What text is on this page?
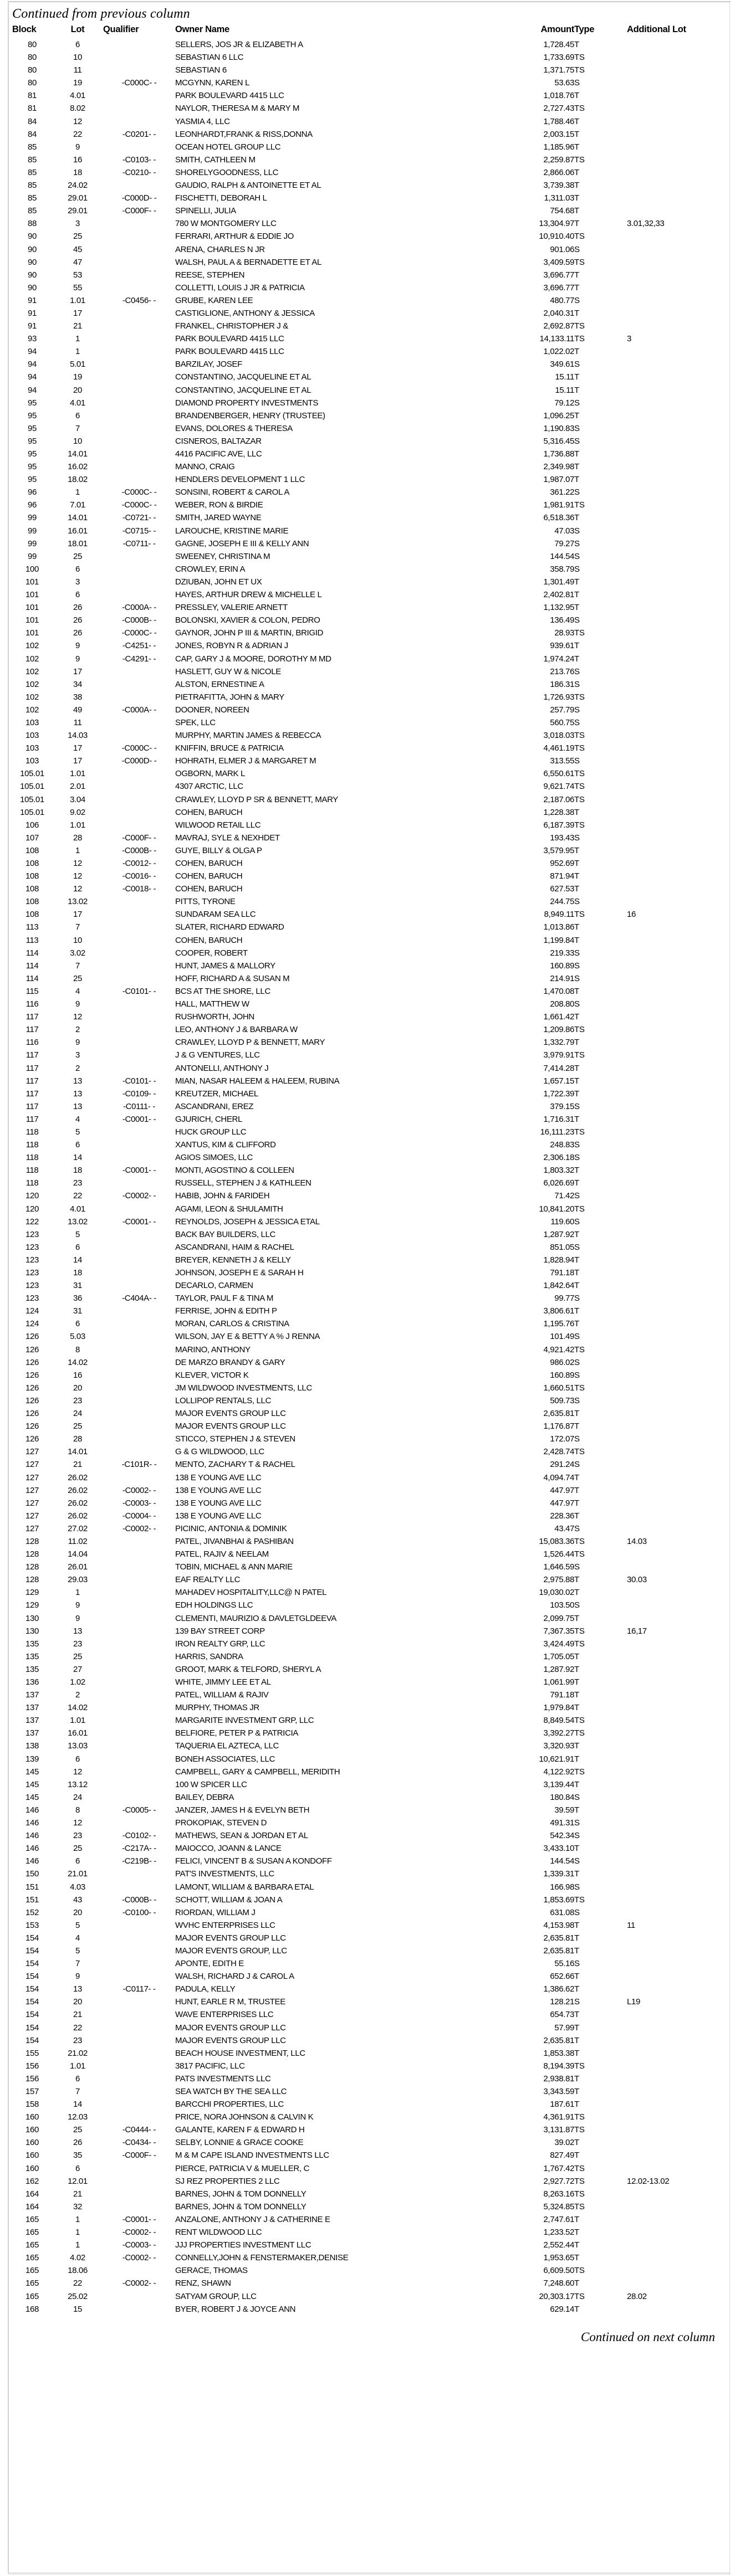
Continued from previous column
Block	Lot	Qualifier	Owner Name	Amount	Type	Additional Lot
80	6		SELLERS, JOS JR & ELIZABETH A	1,728.45	T	
80	10		SEBASTIAN 6 LLC	1,733.69	TS	
80	11		SEBASTIAN 6	1,371.75	TS	
80	19	-C000C- -	MCGYNN, KAREN L	53.63	S	
81	4.01		PARK BOULEVARD 4415 LLC	1,018.76	T	
81	8.02		NAYLOR, THERESA M & MARY M	2,727.43	TS	
84	12		YASMIA 4, LLC	1,788.46	T	
84	22	-C0201- -	LEONHARDT,FRANK & RISS,DONNA	2,003.15	T	
85	9		OCEAN HOTEL GROUP LLC	1,185.96	T	
85	16	-C0103- -	SMITH, CATHLEEN M	2,259.87	TS	
85	18	-C0210- -	SHORELYGOODNESS, LLC	2,866.06	T	
85	24.02		GAUDIO, RALPH & ANTOINETTE ET AL	3,739.38	T	
85	29.01	-C000D- -	FISCHETTI, DEBORAH L	1,311.03	T	
85	29.01	-C000F- -	SPINELLI, JULIA	754.68	T	
88	3		780 W MONTGOMERY LLC	13,304.97	T	3.01,32,33
90	25		FERRARI, ARTHUR & EDDIE JO	10,910.40	TS	
90	45		ARENA, CHARLES N JR	901.06	S	
90	47		WALSH, PAUL A & BERNADETTE ET AL	3,409.59	TS	
90	53		REESE, STEPHEN	3,696.77	T	
90	55		COLLETTI, LOUIS J JR & PATRICIA	3,696.77	T	
91	1.01	-C0456- -	GRUBE, KAREN LEE	480.77	S	
91	17		CASTIGLIONE, ANTHONY & JESSICA	2,040.31	T	
91	21		FRANKEL, CHRISTOPHER J &	2,692.87	TS	
93	1		PARK BOULEVARD 4415 LLC	14,133.11	TS	3
94	1		PARK BOULEVARD 4415 LLC	1,022.02	T	
94	5.01		BARZILAY, JOSEF	349.61	S	
94	19		CONSTANTINO, JACQUELINE ET AL	15.11	T	
94	20		CONSTANTINO, JACQUELINE ET AL	15.11	T	
95	4.01		DIAMOND PROPERTY INVESTMENTS	79.12	S	
95	6		BRANDENBERGER, HENRY (TRUSTEE)	1,096.25	T	
95	7		EVANS, DOLORES & THERESA	1,190.83	S	
95	10		CISNEROS, BALTAZAR	5,316.45	S	
95	14.01		4416 PACIFIC AVE, LLC	1,736.88	T	
95	16.02		MANNO, CRAIG	2,349.98	T	
95	18.02		HENDLERS DEVELOPMENT 1 LLC	1,987.07	T	
96	1	-C000C- -	SONSINI, ROBERT & CAROL A	361.22	S	
96	7.01	-C000C- -	WEBER, RON & BIRDIE	1,981.91	TS	
99	14.01	-C0721- -	SMITH, JARED WAYNE	6,518.36	T	
99	16.01	-C0715- -	LAROUCHE, KRISTINE MARIE	47.03	S	
99	18.01	-C0711- -	GAGNE, JOSEPH E III & KELLY ANN	79.27	S	
99	25		SWEENEY, CHRISTINA M	144.54	S	
100	6		CROWLEY, ERIN A	358.79	S	
101	3		DZIUBAN, JOHN ET UX	1,301.49	T	
101	6		HAYES, ARTHUR DREW & MICHELLE L	2,402.81	T	
101	26	-C000A- -	PRESSLEY, VALERIE ARNETT	1,132.95	T	
101	26	-C000B- -	BOLONSKI, XAVIER & COLON, PEDRO	136.49	S	
101	26	-C000C- -	GAYNOR, JOHN P III & MARTIN, BRIGID	28.93	TS	
102	9	-C4251- -	JONES, ROBYN R & ADRIAN J	939.61	T	
102	9	-C4291- -	CAP, GARY J & MOORE, DOROTHY M MD	1,974.24	T	
102	17		HASLETT, GUY W & NICOLE	213.76	S	
102	34		ALSTON, ERNESTINE A	186.31	S	
102	38		PIETRAFITTA, JOHN & MARY	1,726.93	TS	
102	49	-C000A- -	DOONER, NOREEN	257.79	S	
103	11		SPEK, LLC	560.75	S	
103	14.03		MURPHY, MARTIN JAMES & REBECCA	3,018.03	TS	
103	17	-C000C- -	KNIFFIN, BRUCE & PATRICIA	4,461.19	TS	
103	17	-C000D- -	HOHRATH, ELMER J & MARGARET M	313.55	S	
105.01	1.01		OGBORN, MARK L	6,550.61	TS	
105.01	2.01		4307 ARCTIC, LLC	9,621.74	TS	
105.01	3.04		CRAWLEY, LLOYD P SR & BENNETT, MARY	2,187.06	TS	
105.01	9.02		COHEN, BARUCH	1,228.38	T	
106	1.01		WILWOOD RETAIL LLC	6,187.39	TS	
107	28	-C000F- -	MAVRAJ, SYLE & NEXHDET	193.43	S	
108	1	-C000B- -	GUYE, BILLY & OLGA P	3,579.95	T	
108	12	-C0012- -	COHEN, BARUCH	952.69	T	
108	12	-C0016- -	COHEN, BARUCH	871.94	T	
108	12	-C0018- -	COHEN, BARUCH	627.53	T	
108	13.02		PITTS, TYRONE	244.75	S	
108	17		SUNDARAM SEA LLC	8,949.11	TS	16
113	7		SLATER, RICHARD EDWARD	1,013.86	T	
113	10		COHEN, BARUCH	1,199.84	T	
114	3.02		COOPER, ROBERT	219.33	S	
114	7		HUNT, JAMES & MALLORY	160.89	S	
114	25		HOFF, RICHARD A & SUSAN M	214.91	S	
115	4	-C0101- -	BCS AT THE SHORE, LLC	1,470.08	T	
116	9		HALL, MATTHEW W	208.80	S	
117	12		RUSHWORTH, JOHN	1,661.42	T	
117	2		LEO, ANTHONY J & BARBARA W	1,209.86	TS	
116	9		CRAWLEY, LLOYD P & BENNETT, MARY	1,332.79	T	
117	3		J & G VENTURES, LLC	3,979.91	TS	
117	2		ANTONELLI, ANTHONY J	7,414.28	T	
117	13	-C0101- -	MIAN, NASAR HALEEM & HALEEM, RUBINA	1,657.15	T	
117	13	-C0109- -	KREUTZER, MICHAEL	1,722.39	T	
117	13	-C0111- -	ASCANDRANI, EREZ	379.15	S	
117	4	-C0001- -	GJURICH, CHERL	1,716.31	T	
118	5		HUCK GROUP LLC	16,111.23	TS	
118	6		XANTUS, KIM & CLIFFORD	248.83	S	
118	14		AGIOS SIMOES, LLC	2,306.18	S	
118	18	-C0001- -	MONTI, AGOSTINO & COLLEEN	1,803.32	T	
118	23		RUSSELL, STEPHEN J & KATHLEEN	6,026.69	T	
120	22	-C0002- -	HABIB, JOHN & FARIDEH	71.42	S	
120	4.01		AGAMI, LEON & SHULAMITH	10,841.20	TS	
122	13.02	-C0001- -	REYNOLDS, JOSEPH & JESSICA ETAL	119.60	S	
123	5		BACK BAY BUILDERS, LLC	1,287.92	T	
123	6		ASCANDRANI, HAIM & RACHEL	851.05	S	
123	14		BREYER, KENNETH J & KELLY	1,828.94	T	
123	18		JOHNSON, JOSEPH E & SARAH H	791.18	T	
123	31		DECARLO, CARMEN	1,842.64	T	
123	36	-C404A- -	TAYLOR, PAUL F & TINA M	99.77	S	
124	31		FERRISE, JOHN & EDITH P	3,806.61	T	
124	6		MORAN, CARLOS & CRISTINA	1,195.76	T	
126	5.03		WILSON, JAY E & BETTY A % J RENNA	101.49	S	
126	8		MARINO, ANTHONY	4,921.42	TS	
126	14.02		DE MARZO BRANDY & GARY	986.02	S	
126	16		KLEVER, VICTOR K	160.89	S	
126	20		JM WILDWOOD INVESTMENTS, LLC	1,660.51	TS	
126	23		LOLLIPOP RENTALS, LLC	509.73	S	
126	24		MAJOR EVENTS GROUP LLC	2,635.81	T	
126	25		MAJOR EVENTS GROUP LLC	1,176.87	T	
126	28		STICCO, STEPHEN J & STEVEN	172.07	S	
127	14.01		G & G WILDWOOD, LLC	2,428.74	TS	
127	21	-C101R- -	MENTO, ZACHARY T & RACHEL	291.24	S	
127	26.02		138 E YOUNG AVE LLC	4,094.74	T	
127	26.02	-C0002- -	138 E YOUNG AVE LLC	447.97	T	
127	26.02	-C0003- -	138 E YOUNG AVE LLC	447.97	T	
127	26.02	-C0004- -	138 E YOUNG AVE LLC	228.36	T	
127	27.02	-C0002- -	PICINIC, ANTONIA & DOMINIK	43.47	S	
128	11.02		PATEL, JIVANBHAI & PASHIBAN	15,083.36	TS	14.03
128	14.04		PATEL, RAJIV & NEELAM	1,526.44	TS	
128	26.01		TOBIN, MICHAEL & ANN MARIE	1,646.59	S	
128	29.03		EAF REALTY LLC	2,975.88	T	30.03
129	1		MAHADEV HOSPITALITY,LLC@ N PATEL	19,030.02	T	
129	9		EDH HOLDINGS LLC	103.50	S	
130	9		CLEMENTI, MAURIZIO & DAVLETGLDEEVA	2,099.75	T	
130	13		139 BAY STREET CORP	7,367.35	TS	16,17
135	23		IRON REALTY GRP, LLC	3,424.49	TS	
135	25		HARRIS, SANDRA	1,705.05	T	
135	27		GROOT, MARK & TELFORD, SHERYL A	1,287.92	T	
136	1.02		WHITE, JIMMY LEE ET AL	1,061.99	T	
137	2		PATEL, WILLIAM & RAJIV	791.18	T	
137	14.02		MURPHY, THOMAS JR	1,979.84	T	
137	1.01		MARGARITE INVESTMENT GRP, LLC	8,849.54	TS	
137	16.01		BELFIORE, PETER P & PATRICIA	3,392.27	TS	
138	13.03		TAQUERIA EL AZTECA, LLC	3,320.93	T	
139	6		BONEH ASSOCIATES, LLC	10,621.91	T	
145	12		CAMPBELL, GARY & CAMPBELL, MERIDITH	4,122.92	TS	
145	13.12		100 W SPICER LLC	3,139.44	T	
145	24		BAILEY, DEBRA	180.84	S	
146	8	-C0005- -	JANZER, JAMES H & EVELYN BETH	39.59	T	
146	12		PROKOPIAK, STEVEN D	491.31	S	
146	23	-C0102- -	MATHEWS, SEAN & JORDAN ET AL	542.34	S	
146	25	-C217A- -	MAIOCCO, JOANN & LANCE	3,433.10	T	
146	6	-C219B- -	FELICI, VINCENT B & SUSAN A KONDOFF	144.54	S	
150	21.01		PAT'S INVESTMENTS, LLC	1,339.31	T	
151	4.03		LAMONT, WILLIAM & BARBARA ETAL	166.98	S	
151	43	-C000B- -	SCHOTT, WILLIAM & JOAN A	1,853.69	TS	
152	20	-C0100- -	RIORDAN, WILLIAM J	631.08	S	
153	5		WVHC ENTERPRISES LLC	4,153.98	T	11
154	4		MAJOR EVENTS GROUP LLC	2,635.81	T	
154	5		MAJOR EVENTS GROUP, LLC	2,635.81	T	
154	7		APONTE, EDITH E	55.16	S	
154	9		WALSH, RICHARD J & CAROL A	652.66	T	
154	13	-C0117- -	PADULA, KELLY	1,386.62	T	
154	20		HUNT, EARLE R M, TRUSTEE	128.21	S	L19
154	21		WAVE ENTERPRISES LLC	654.73	T	
154	22		MAJOR EVENTS GROUP LLC	57.99	T	
154	23		MAJOR EVENTS GROUP LLC	2,635.81	T	
155	21.02		BEACH HOUSE INVESTMENT, LLC	1,853.38	T	
156	1.01		3817 PACIFIC, LLC	8,194.39	TS	
156	6		PATS INVESTMENTS LLC	2,938.81	T	
157	7		SEA WATCH BY THE SEA LLC	3,343.59	T	
158	14		BARCCHI PROPERTIES, LLC	187.61	T	
160	12.03		PRICE, NORA JOHNSON & CALVIN K	4,361.91	TS	
160	25	-C0444- -	GALANTE, KAREN F & EDWARD H	3,131.87	TS	
160	26	-C0434- -	SELBY, LONNIE & GRACE COOKE	39.02	T	
160	35	-C000F- -	M & M CAPE ISLAND INVESTMENTS LLC	827.49	T	
160	6		PIERCE, PATRICIA V & MUELLER, C	1,767.42	TS	
162	12.01		SJ REZ PROPERTIES 2 LLC	2,927.72	TS	12.02-13.02
164	21		BARNES, JOHN & TOM DONNELLY	8,263.16	TS	
164	32		BARNES, JOHN & TOM DONNELLY	5,324.85	TS	
165	1	-C0001- -	ANZALONE, ANTHONY J & CATHERINE E	2,747.61	T	
165	1	-C0002- -	RENT WILDWOOD LLC	1,233.52	T	
165	1	-C0003- -	JJJ PROPERTIES INVESTMENT LLC	2,552.44	T	
165	4.02	-C0002- -	CONNELLY,JOHN & FENSTERMAKER,DENISE	1,953.65	T	
165	18.06		GERACE, THOMAS	6,609.50	TS	
165	22	-C0002- -	RENZ, SHAWN	7,248.60	T	
165	25.02		SATYAM GROUP, LLC	20,303.17	TS	28.02
168	15		BYER, ROBERT J & JOYCE ANN	629.14	T	
Continued on next column
